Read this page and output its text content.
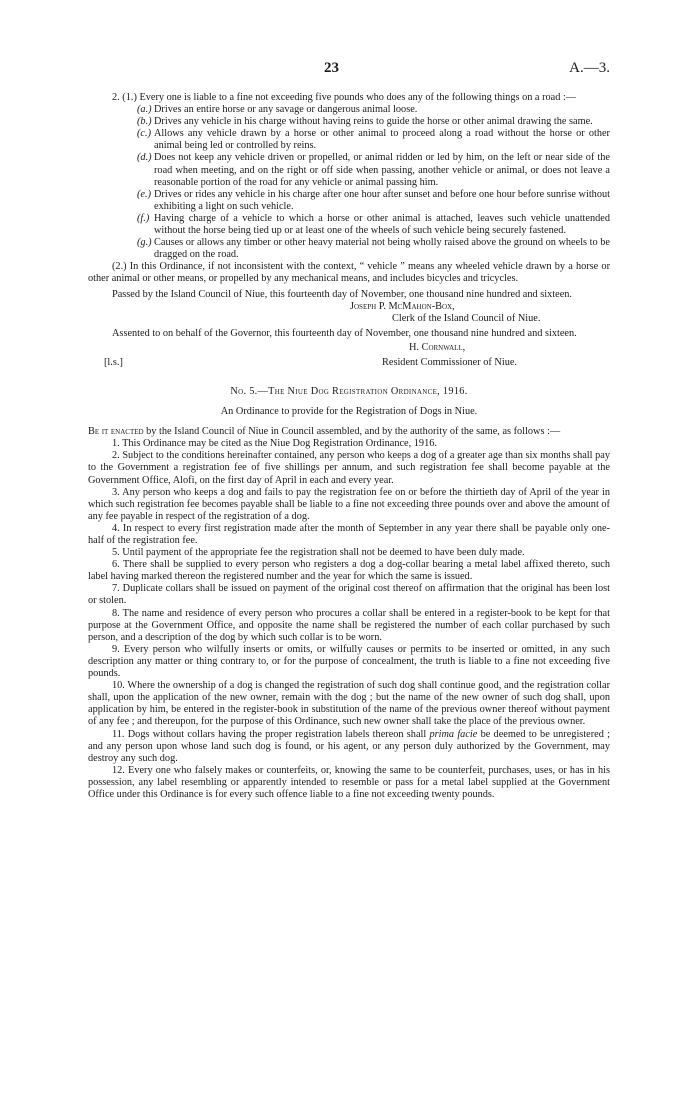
23	A.—3.

2. (1.) Every one is liable to a fine not exceeding five pounds who does any of the following things on a road :—

(a.) Drives an entire horse or any savage or dangerous animal loose.

(b.) Drives any vehicle in his charge without having reins to guide the horse or other animal drawing the same.

(c.) Allows any vehicle drawn by a horse or other animal to proceed along a road without the horse or other animal being led or controlled by reins.

(d.) Does not keep any vehicle driven or propelled, or animal ridden or led by him, on the left or near side of the road when meeting, and on the right or off side when passing, another vehicle or animal, or does not leave a reasonable portion of the road for any vehicle or animal passing him.

(e.) Drives or rides any vehicle in his charge after one hour after sunset and before one hour before sunrise without exhibiting a light on such vehicle.

(f.) Having charge of a vehicle to which a horse or other animal is attached, leaves such vehicle unattended without the horse being tied up or at least one of the wheels of such vehicle being securely fastened.

(g.) Causes or allows any timber or other heavy material not being wholly raised above the ground on wheels to be dragged on the road.

(2.) In this Ordinance, if not inconsistent with the context, “ vehicle ” means any wheeled vehicle drawn by a horse or other animal or other means, or propelled by any mechanical means, and includes bicycles and tricycles.

Passed by the Island Council of Niue, this fourteenth day of November, one thousand nine hundred and sixteen.

Joseph P. McMahon-Box,

Clerk of the Island Council of Niue.

Assented to on behalf of the Governor, this fourteenth day of November, one thousand nine hundred and sixteen.

H. Cornwall,

[l.s.]	Resident Commissioner of Niue.

No. 5.—The Niue Dog Registration Ordinance, 1916.

An Ordinance to provide for the Registration of Dogs in Niue.

Be it enacted by the Island Council of Niue in Council assembled, and by the authority of the same, as follows :—

1. This Ordinance may be cited as the Niue Dog Registration Ordinance, 1916.

2. Subject to the conditions hereinafter contained, any person who keeps a dog of a greater age than six months shall pay to the Government a registration fee of five shillings per annum, and such registration fee shall become payable at the Government Office, Alofi, on the first day of April in each and every year.

3. Any person who keeps a dog and fails to pay the registration fee on or before the thirtieth day of April of the year in which such registration fee becomes payable shall be liable to a fine not exceeding three pounds over and above the amount of any fee payable in respect of the registration of a dog.

4. In respect to every first registration made after the month of September in any year there shall be payable only one-half of the registration fee.

5. Until payment of the appropriate fee the registration shall not be deemed to have been duly made.

6. There shall be supplied to every person who registers a dog a dog-collar bearing a metal label affixed thereto, such label having marked thereon the registered number and the year for which the same is issued.

7. Duplicate collars shall be issued on payment of the original cost thereof on affirmation that the original has been lost or stolen.

8. The name and residence of every person who procures a collar shall be entered in a register-book to be kept for that purpose at the Government Office, and opposite the name shall be registered the number of each collar purchased by such person, and a description of the dog by which such collar is to be worn.

9. Every person who wilfully inserts or omits, or wilfully causes or permits to be inserted or omitted, in any such description any matter or thing contrary to, or for the purpose of concealment, the truth is liable to a fine not exceeding five pounds.

10. Where the ownership of a dog is changed the registration of such dog shall continue good, and the registration collar shall, upon the application of the new owner, remain with the dog ; but the name of the new owner of such dog shall, upon application by him, be entered in the register-book in substitution of the name of the previous owner thereof without payment of any fee ; and thereupon, for the purpose of this Ordinance, such new owner shall take the place of the previous owner.

11. Dogs without collars having the proper registration labels thereon shall prima facie be deemed to be unregistered ; and any person upon whose land such dog is found, or his agent, or any person duly authorized by the Government, may destroy any such dog.

12. Every one who falsely makes or counterfeits, or, knowing the same to be counterfeit, purchases, uses, or has in his possession, any label resembling or apparently intended to resemble or pass for a metal label supplied at the Government Office under this Ordinance is for every such offence liable to a fine not exceeding twenty pounds.
